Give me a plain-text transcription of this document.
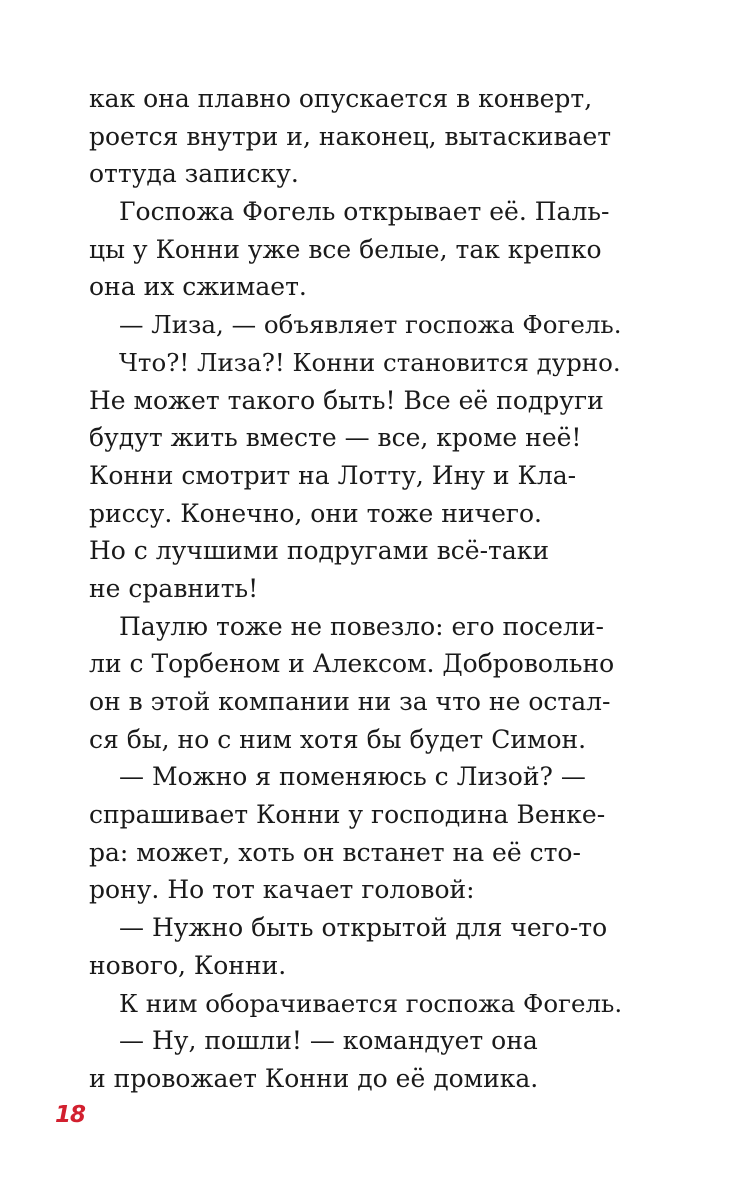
как она плавно опускается в конверт,
роется внутри и, наконец, вытаскивает
оттуда записку.
Госпожа Фогель открывает её. Паль-
цы у Конни уже все белые, так крепко
она их сжимает.
— Лиза, — объявляет госпожа Фогель.
Что?! Лиза?! Конни становится дурно.
Не может такого быть! Все её подруги
будут жить вместе — все, кроме неё!
Конни смотрит на Лотту, Ину и Кла-
риссу. Конечно, они тоже ничего.
Но с лучшими подругами всё-таки
не сравнить!
Паулю тоже не повезло: его посели-
ли с Торбеном и Алексом. Добровольно
он в этой компании ни за что не остал-
ся бы, но с ним хотя бы будет Симон.
— Можно я поменяюсь с Лизой? —
спрашивает Конни у господина Венке-
ра: может, хоть он встанет на её сто-
рону. Но тот качает головой:
— Нужно быть открытой для чего-то
нового, Конни.
К ним оборачивается госпожа Фогель.
— Ну, пошли! — командует она
и провожает Конни до её домика.
18
